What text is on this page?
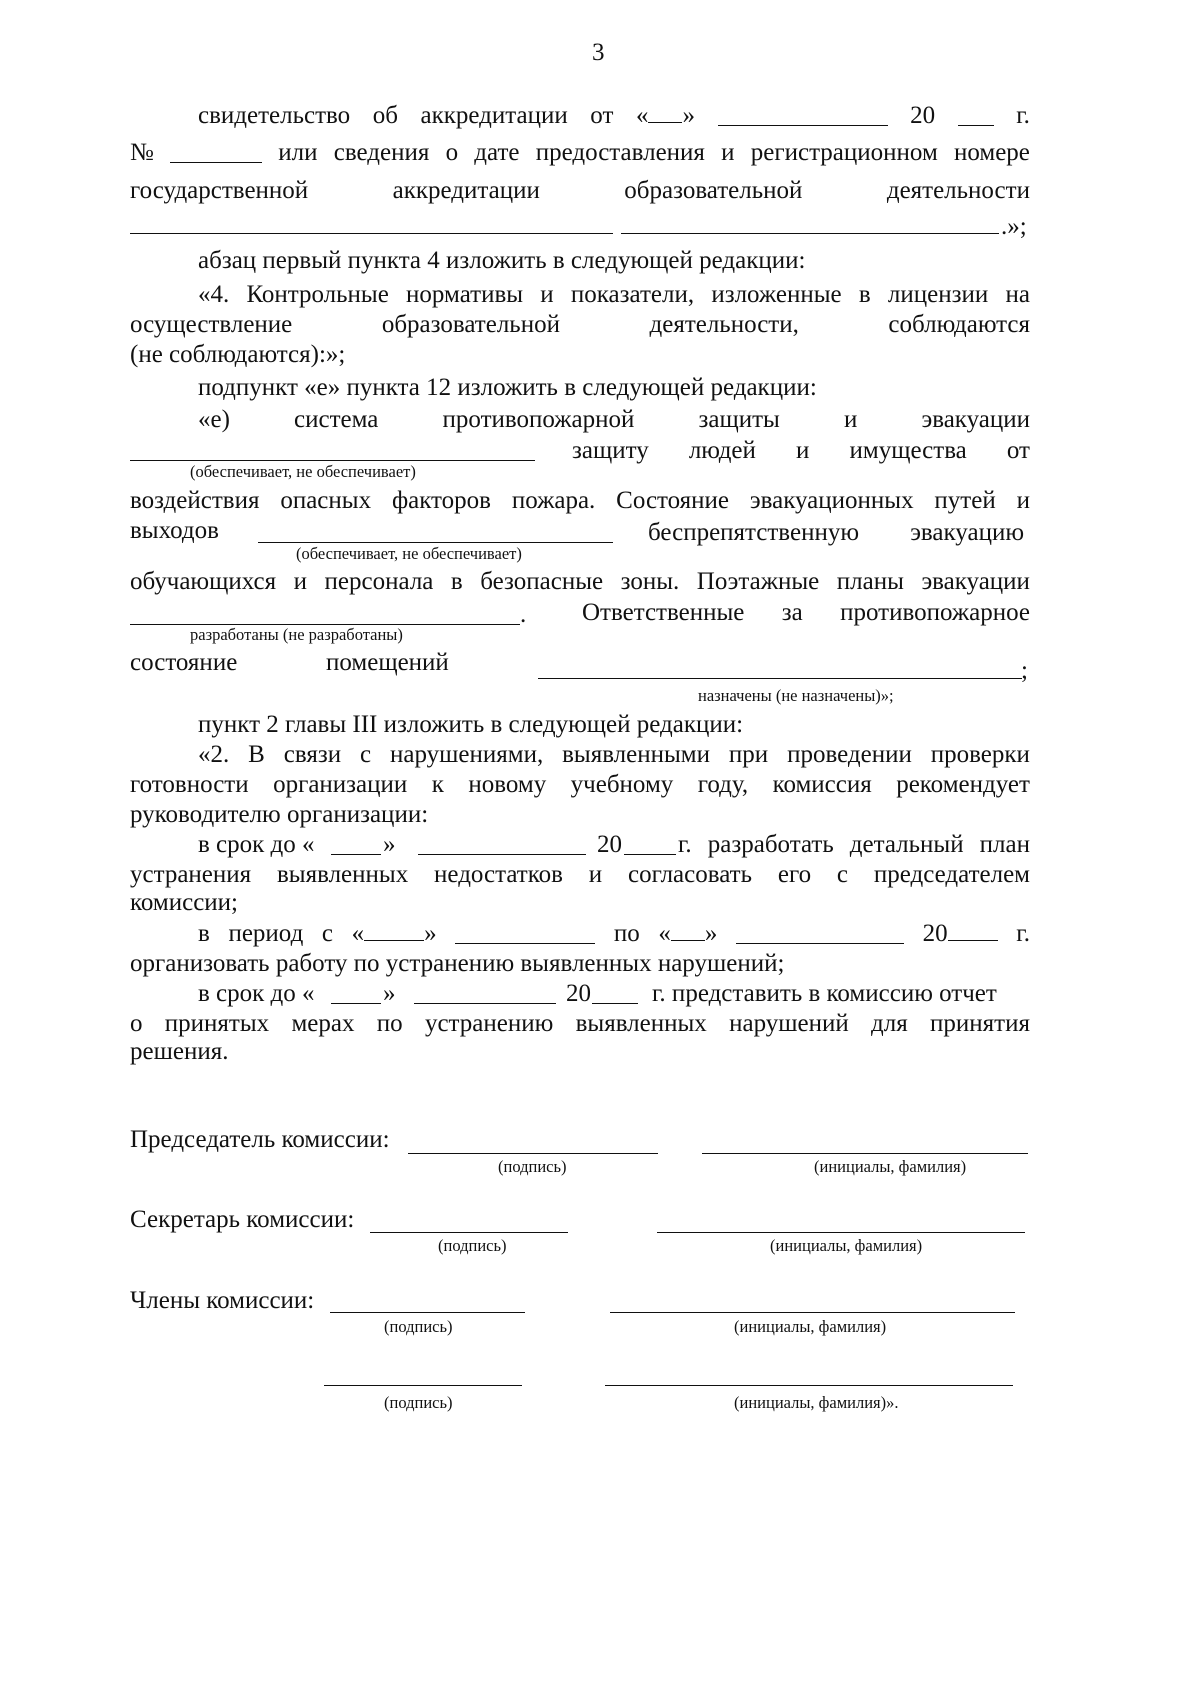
3
свидетельство об аккредитации от « »	20	г.
№	или сведения о дате предоставления и регистрационном номере
государственной	аккредитации	образовательной	деятельности
.»;
абзац первый пункта 4 изложить в следующей редакции:
«4. Контрольные нормативы и показатели, изложенные в лицензии на
осуществление	образовательной	деятельности,	соблюдаются
(не соблюдаются):»;
подпункт «е» пункта 12 изложить в следующей редакции:
«е)	система	противопожарной	защиты	и	эвакуации
защиту людей и имущества от
(обеспечивает, не обеспечивает)
воздействия опасных факторов пожара. Состояние эвакуационных путей и
выходов	беспрепятственную эвакуацию
(обеспечивает, не обеспечивает)
обучающихся и персонала в безопасные зоны. Поэтажные планы эвакуации
. Ответственные за противопожарное
разработаны (не разработаны)
состояние	помещений	;
назначены (не назначены)»;
пункт 2 главы III изложить в следующей редакции:
«2. В связи с нарушениями, выявленными при проведении проверки
готовности организации к новому учебному году, комиссия рекомендует
руководителю организации:
в срок до «	»	20 г. разработать детальный план
устранения выявленных недостатков и согласовать его с председателем
комиссии;
в период с « »	по « »	20	г.
организовать работу по устранению выявленных нарушений;
в срок до «	»	20 г. представить в комиссию отчет
о принятых мерах по устранению выявленных нарушений для принятия
решения.
Председатель комиссии:
(подпись)	(инициалы, фамилия)
Секретарь комиссии:
(подпись)	(инициалы, фамилия)
Члены комиссии:
(подпись)	(инициалы, фамилия)
(подпись)	(инициалы, фамилия)».
